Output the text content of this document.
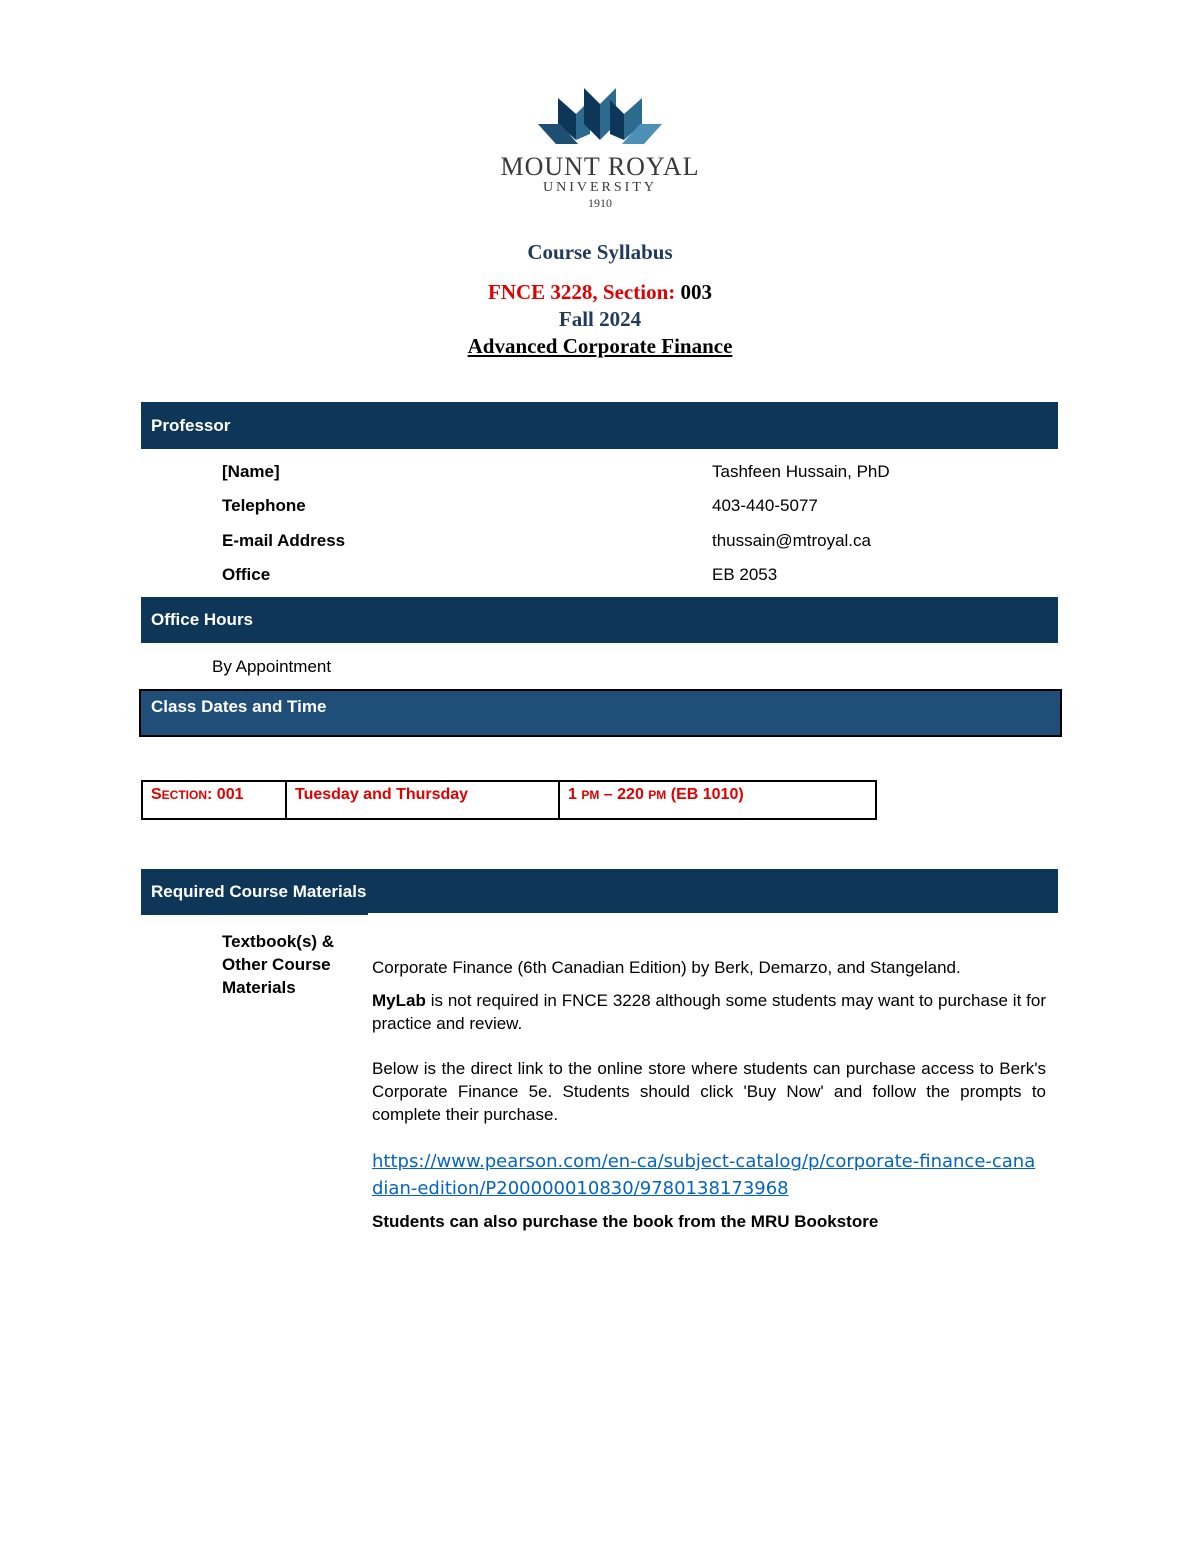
MOUNT ROYAL
UNIVERSITY
1910
Course Syllabus
FNCE 3228, Section: 003
Fall 2024
Advanced Corporate Finance
Professor
[Name]	Tashfeen Hussain, PhD
Telephone	403-440-5077
E-mail Address	thussain@mtroyal.ca
Office	EB 2053
Office Hours
By Appointment
Class Dates and Time
SECTION: 001	Tuesday and Thursday	1 PM – 220 PM (EB 1010)
Required Course Materials
Textbook(s) & Other Course Materials

Corporate Finance (6th Canadian Edition) by Berk, Demarzo, and Stangeland.

MyLab is not required in FNCE 3228 although some students may want to purchase it for practice and review.

Below is the direct link to the online store where students can purchase access to Berk's Corporate Finance 5e. Students should click 'Buy Now' and follow the prompts to complete their purchase.

https://www.pearson.com/en-ca/subject-catalog/p/corporate-finance-canadian-edition/P200000010830/9780138173968

Students can also purchase the book from the MRU Bookstore
